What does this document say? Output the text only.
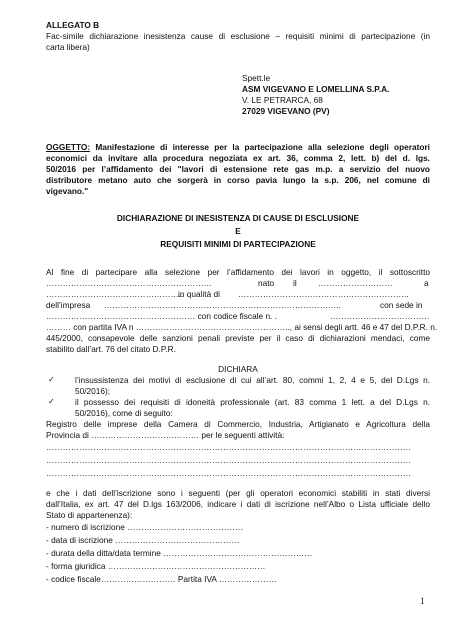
ALLEGATO B
Fac-simile dichiarazione inesistenza cause di esclusione – requisiti minimi di partecipazione (in
carta libera)
Spett.le
ASM VIGEVANO E LOMELLINA S.P.A.
V. LE PETRARCA, 68
27029 VIGEVANO (PV)
OGGETTO: Manifestazione di interesse per la partecipazione alla selezione degli operatori
economici da invitare alla procedura negoziata ex art. 36, comma 2, lett. b) del d. lgs.
50/2016 per l’affidamento dei "lavori di estensione rete gas m.p. a servizio del nuovo
distributore metano auto che sorgerà in corso pavia lungo la s.p. 206, nel comune di
vigevano."
DICHIARAZIONE DI INESISTENZA DI CAUSE DI ESCLUSIONE
E
REQUISITI MINIMI DI PARTECIPAZIONE
Al fine di partecipare alla selezione per l’affidamento dei lavori in oggetto, il sottoscritto
……………………………………………………	nato il	………………………	a
…………………………………………..
in qualità di ……………………………………………………..
dell’impresa …………………………………………………………………………..	con sede in
……………………………………………… con codice fiscale n. .	………………………………
……… con partita IVA n ……………………………………………….., ai sensi degli artt. 46 e 47 del D.P.R. n.
445/2000, consapevole delle sanzioni penali previste per il caso di dichiarazioni mendaci, come
stabilito dall’art. 76 del citato D.P.R.
DICHIARA
✓ l’insussistenza dei motivi di esclusione di cui all’art. 80, commi 1, 2, 4 e 5, del D.Lgs n.
50/2016);
✓ il possesso dei requisiti di idoneità professionale (art. 83 comma 1 lett. a del D.Lgs n.
50/2016), come di seguito:
Registro delle imprese della Camera di Commercio, Industria, Artigianato e Agricoltura della
Provincia di ………………………………… per le seguenti attività:
……………………………………………………………………………………………………………………
……………………………………………………………………………………………………………………
……………………………………………………………………………………………………………………
e che i dati dell’iscrizione sono i seguenti (per gli operatori economici stabiliti in stati diversi
dall’Italia, ex art. 47 del D.lgs 163/2006, indicare i dati di iscrizione nell’Albo o Lista ufficiale dello
Stato di appartenenza):
- numero di iscrizione ……………………………………
- data di iscrizione ………………………………………
- durata della ditta/data termine ………………………………………………
- forma giuridica …………………………………………………
- codice fiscale……………………… Partita IVA …………………
1
